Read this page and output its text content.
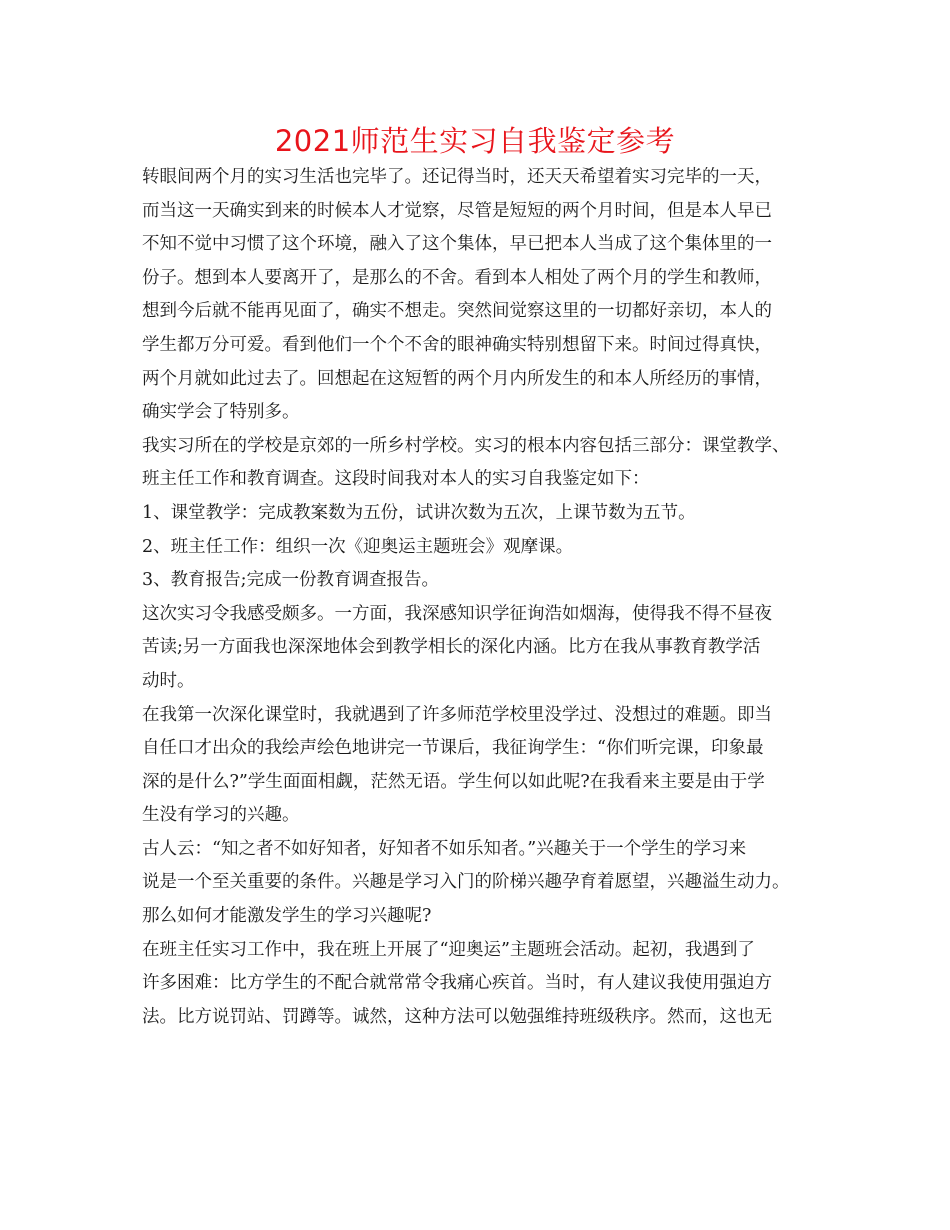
2021师范生实习自我鉴定参考
转眼间两个月的实习生活也完毕了。还记得当时，还天天希望着实习完毕的一天，
而当这一天确实到来的时候本人才觉察，尽管是短短的两个月时间，但是本人早已
不知不觉中习惯了这个环境，融入了这个集体，早已把本人当成了这个集体里的一
份子。想到本人要离开了，是那么的不舍。看到本人相处了两个月的学生和教师，
想到今后就不能再见面了，确实不想走。突然间觉察这里的一切都好亲切，本人的
学生都万分可爱。看到他们一个个不舍的眼神确实特别想留下来。时间过得真快，
两个月就如此过去了。回想起在这短暂的两个月内所发生的和本人所经历的事情，
确实学会了特别多。
我实习所在的学校是京郊的一所乡村学校。实习的根本内容包括三部分：课堂教学、
班主任工作和教育调查。这段时间我对本人的实习自我鉴定如下：
1、课堂教学：完成教案数为五份，试讲次数为五次，上课节数为五节。
2、班主任工作：组织一次《迎奥运主题班会》观摩课。
3、教育报告;完成一份教育调查报告。
这次实习令我感受颇多。一方面，我深感知识学征询浩如烟海，使得我不得不昼夜
苦读;另一方面我也深深地体会到教学相长的深化内涵。比方在我从事教育教学活
动时。
在我第一次深化课堂时，我就遇到了许多师范学校里没学过、没想过的难题。即当
自任口才出众的我绘声绘色地讲完一节课后，我征询学生：“你们听完课，印象最
深的是什么?”学生面面相觑，茫然无语。学生何以如此呢?在我看来主要是由于学
生没有学习的兴趣。
古人云：“知之者不如好知者，好知者不如乐知者。”兴趣关于一个学生的学习来
说是一个至关重要的条件。兴趣是学习入门的阶梯兴趣孕育着愿望，兴趣溢生动力。
那么如何才能激发学生的学习兴趣呢?
在班主任实习工作中，我在班上开展了“迎奥运”主题班会活动。起初，我遇到了
许多困难：比方学生的不配合就常常令我痛心疾首。当时，有人建议我使用强迫方
法。比方说罚站、罚蹲等。诚然，这种方法可以勉强维持班级秩序。然而，这也无
